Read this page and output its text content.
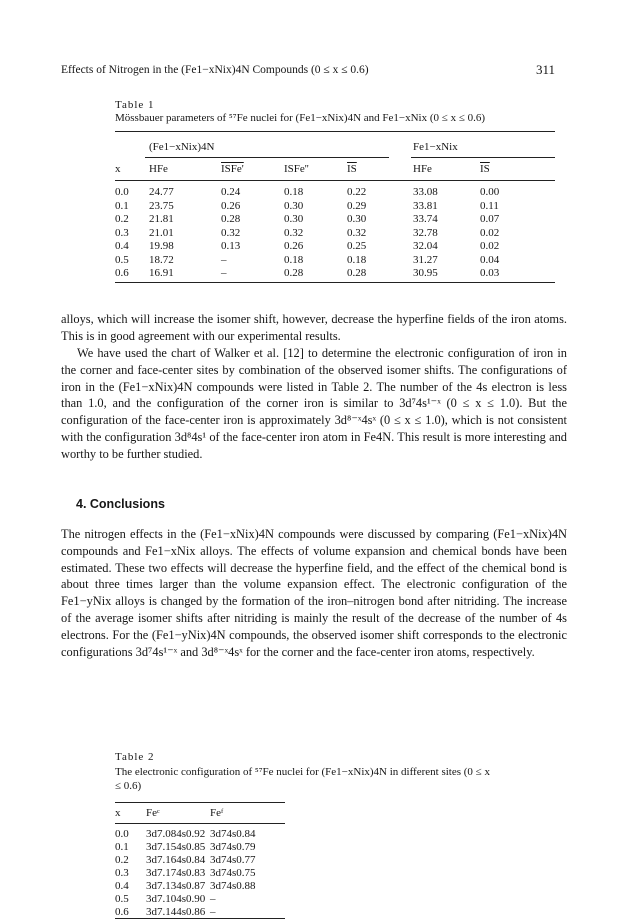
Effects of Nitrogen in the (Fe1−xNix)4N Compounds (0 ≤ x ≤ 0.6)	311
Table 1
Mössbauer parameters of ⁵⁷Fe nuclei for (Fe1−xNix)4N and Fe1−xNix (0 ≤ x ≤ 0.6)
(Fe1−xNix)4N	Fe1−xNix
x	HFe	ISFe'	ISFe''	$\overline{IS}$	HFe	$\overline{IS}$
0.0 24.77	0.24	0.18	0.22	33.08	0.00
0.1 23.75	0.26	0.30	0.29	33.81	0.11
0.2 21.81	0.28	0.30	0.30	33.74	0.07
0.3 21.01	0.32	0.32	0.32	32.78	0.02
0.4 19.98	0.13	0.26	0.25	32.04	0.02
0.5 18.72	–	0.18	0.18	31.27	0.04
0.6 16.91	–	0.28	0.28	30.95	0.03

alloys, which will increase the isomer shift, however, decrease the hyperfine fields of the iron atoms. This is in good agreement with our experimental results.

We have used the chart of Walker et al. [12] to determine the electronic configuration of iron in the corner and face-center sites by combination of the observed isomer shifts. The configurations of iron in the (Fe1−xNix)4N compounds were listed in Table 2. The number of the 4s electron is less than 1.0, and the configuration of the corner iron is similar to 3d⁷4s¹⁻ˣ (0 ≤ x ≤ 1.0). But the configuration of the face-center iron is approximately 3d⁸⁻ˣ4sˣ (0 ≤ x ≤ 1.0), which is not consistent with the configuration 3d⁸4s¹ of the face-center iron atom in Fe4N. This result is more interesting and worthy to be further studied.

4. Conclusions

The nitrogen effects in the (Fe1−xNix)4N compounds were discussed by comparing (Fe1−xNix)4N compounds and Fe1−xNix alloys. The effects of volume expansion and chemical bonds have been estimated. These two effects will decrease the hyperfine field, and the effect of the chemical bond is about three times larger than the volume expansion effect. The electronic configuration of the Fe1−yNix alloys is changed by the formation of the iron–nitrogen bond after nitriding. The increase of the average isomer shifts after nitriding is mainly the result of the decrease of the number of 4s electrons. For the (Fe1−yNix)4N compounds, the observed isomer shift corresponds to the electronic configurations 3d⁷4s¹⁻ˣ and 3d⁸⁻ˣ4sˣ for the corner and the face-center iron atoms, respectively.

Table 2
The electronic configuration of ⁵⁷Fe nuclei for (Fe1−xNix)4N in different sites (0 ≤ x ≤ 0.6)
x Feᶜ	Feᶠ
0.0 3d7.084s0.92 3d74s0.84
0.1 3d7.154s0.85 3d74s0.79
0.2 3d7.164s0.84 3d74s0.77
0.3 3d7.174s0.83 3d74s0.75
0.4 3d7.134s0.87 3d74s0.88
0.5 3d7.104s0.90 –
0.6 3d7.144s0.86 –
